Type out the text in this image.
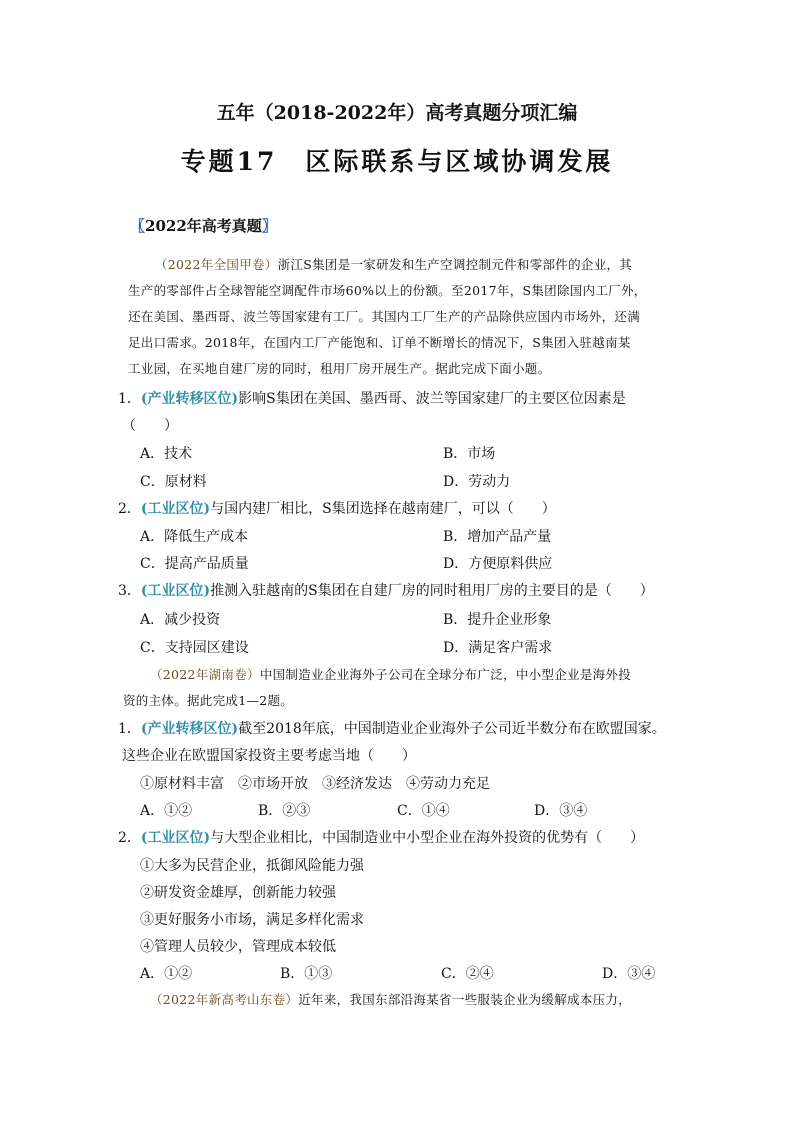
五年（2018-2022年）高考真题分项汇编
专题17　区际联系与区域协调发展
〖2022年高考真题〗
（2022年全国甲卷）浙江S集团是一家研发和生产空调控制元件和零部件的企业，其
生产的零部件占全球智能空调配件市场60%以上的份额。至2017年，S集团除国内工厂外，
还在美国、墨西哥、波兰等国家建有工厂。其国内工厂生产的产品除供应国内市场外，还满
足出口需求。2018年，在国内工厂产能饱和、订单不断增长的情况下，S集团入驻越南某
工业园，在买地自建厂房的同时，租用厂房开展生产。据此完成下面小题。
1．(产业转移区位)影响S集团在美国、墨西哥、波兰等国家建厂的主要区位因素是
（　　）
A．技术	B．市场
C．原材料	D．劳动力
2．(工业区位)与国内建厂相比，S集团选择在越南建厂，可以（　　）
A．降低生产成本	B．增加产品产量
C．提高产品质量	D．方便原料供应
3．(工业区位)推测入驻越南的S集团在自建厂房的同时租用厂房的主要目的是（　　）
A．减少投资	B．提升企业形象
C．支持园区建设	D．满足客户需求
（2022年湖南卷）中国制造业企业海外子公司在全球分布广泛，中小型企业是海外投
资的主体。据此完成1—2题。
1．(产业转移区位)截至2018年底，中国制造业企业海外子公司近半数分布在欧盟国家。
这些企业在欧盟国家投资主要考虑当地（　　）
①原材料丰富　②市场开放　③经济发达　④劳动力充足
A．①②	B．②③	C．①④	D．③④
2．(工业区位)与大型企业相比，中国制造业中小型企业在海外投资的优势有（　　）
①大多为民营企业，抵御风险能力强
②研发资金雄厚，创新能力较强
③更好服务小市场，满足多样化需求
④管理人员较少，管理成本较低
A．①②	B．①③	C．②④	D．③④
（2022年新高考山东卷）近年来，我国东部沿海某省一些服装企业为缓解成本压力，
